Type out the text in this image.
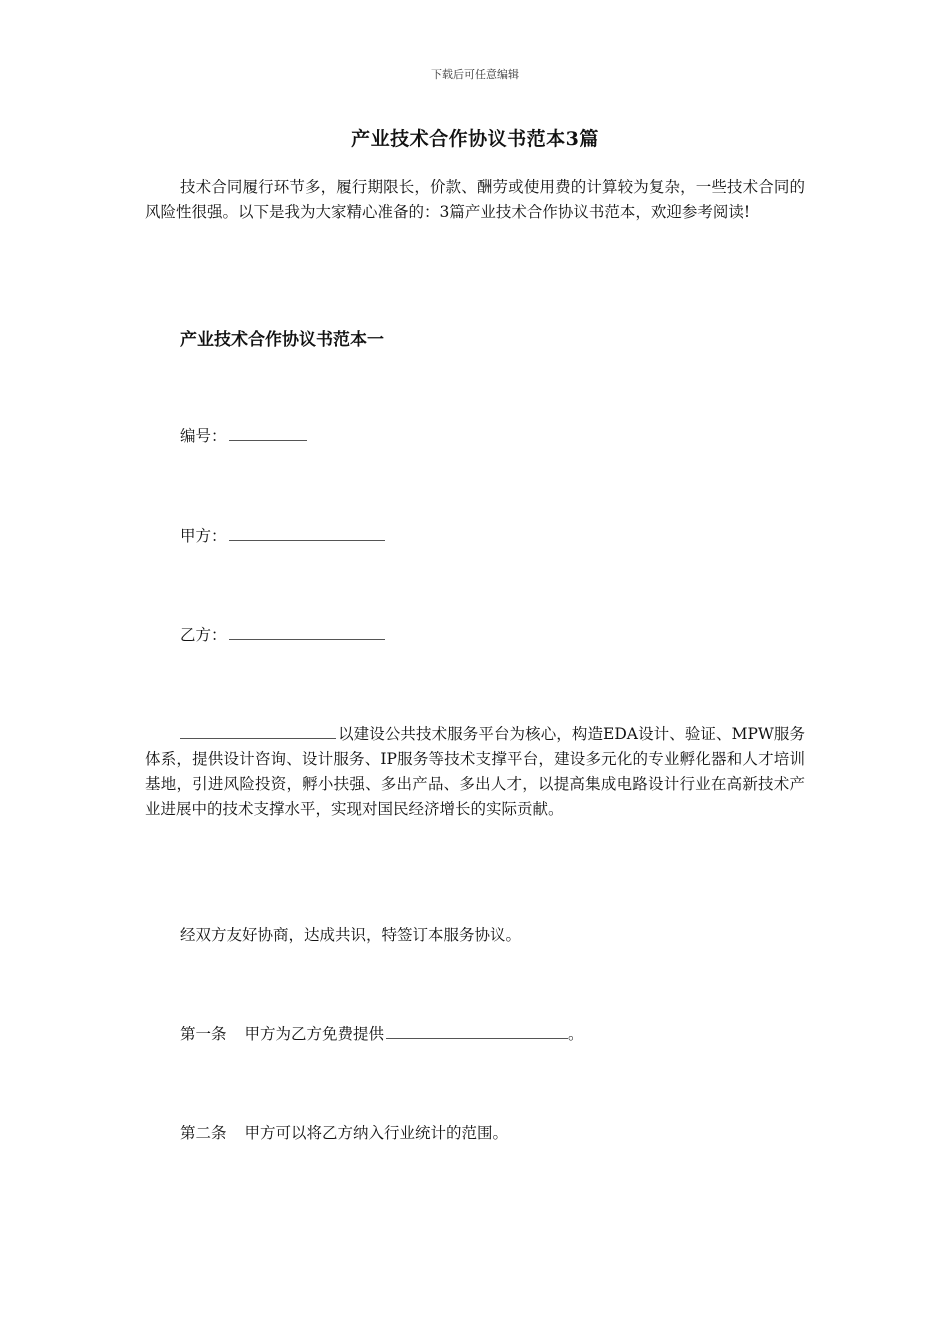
下载后可任意编辑
产业技术合作协议书范本3篇
技术合同履行环节多，履行期限长，价款、酬劳或使用费的计算较为复杂，一些技术合同的风险性很强。以下是我为大家精心准备的：3篇产业技术合作协议书范本，欢迎参考阅读!
产业技术合作协议书范本一
编号：
甲方：
乙方：
以建设公共技术服务平台为核心，构造EDA设计、验证、MPW服务体系，提供设计咨询、设计服务、IP服务等技术支撑平台，建设多元化的专业孵化器和人才培训基地，引进风险投资，孵小扶强、多出产品、多出人才，以提高集成电路设计行业在高新技术产业进展中的技术支撑水平，实现对国民经济增长的实际贡献。
经双方友好协商，达成共识，特签订本服务协议。
第一条 甲方为乙方免费提供	。
第二条 甲方可以将乙方纳入行业统计的范围。
